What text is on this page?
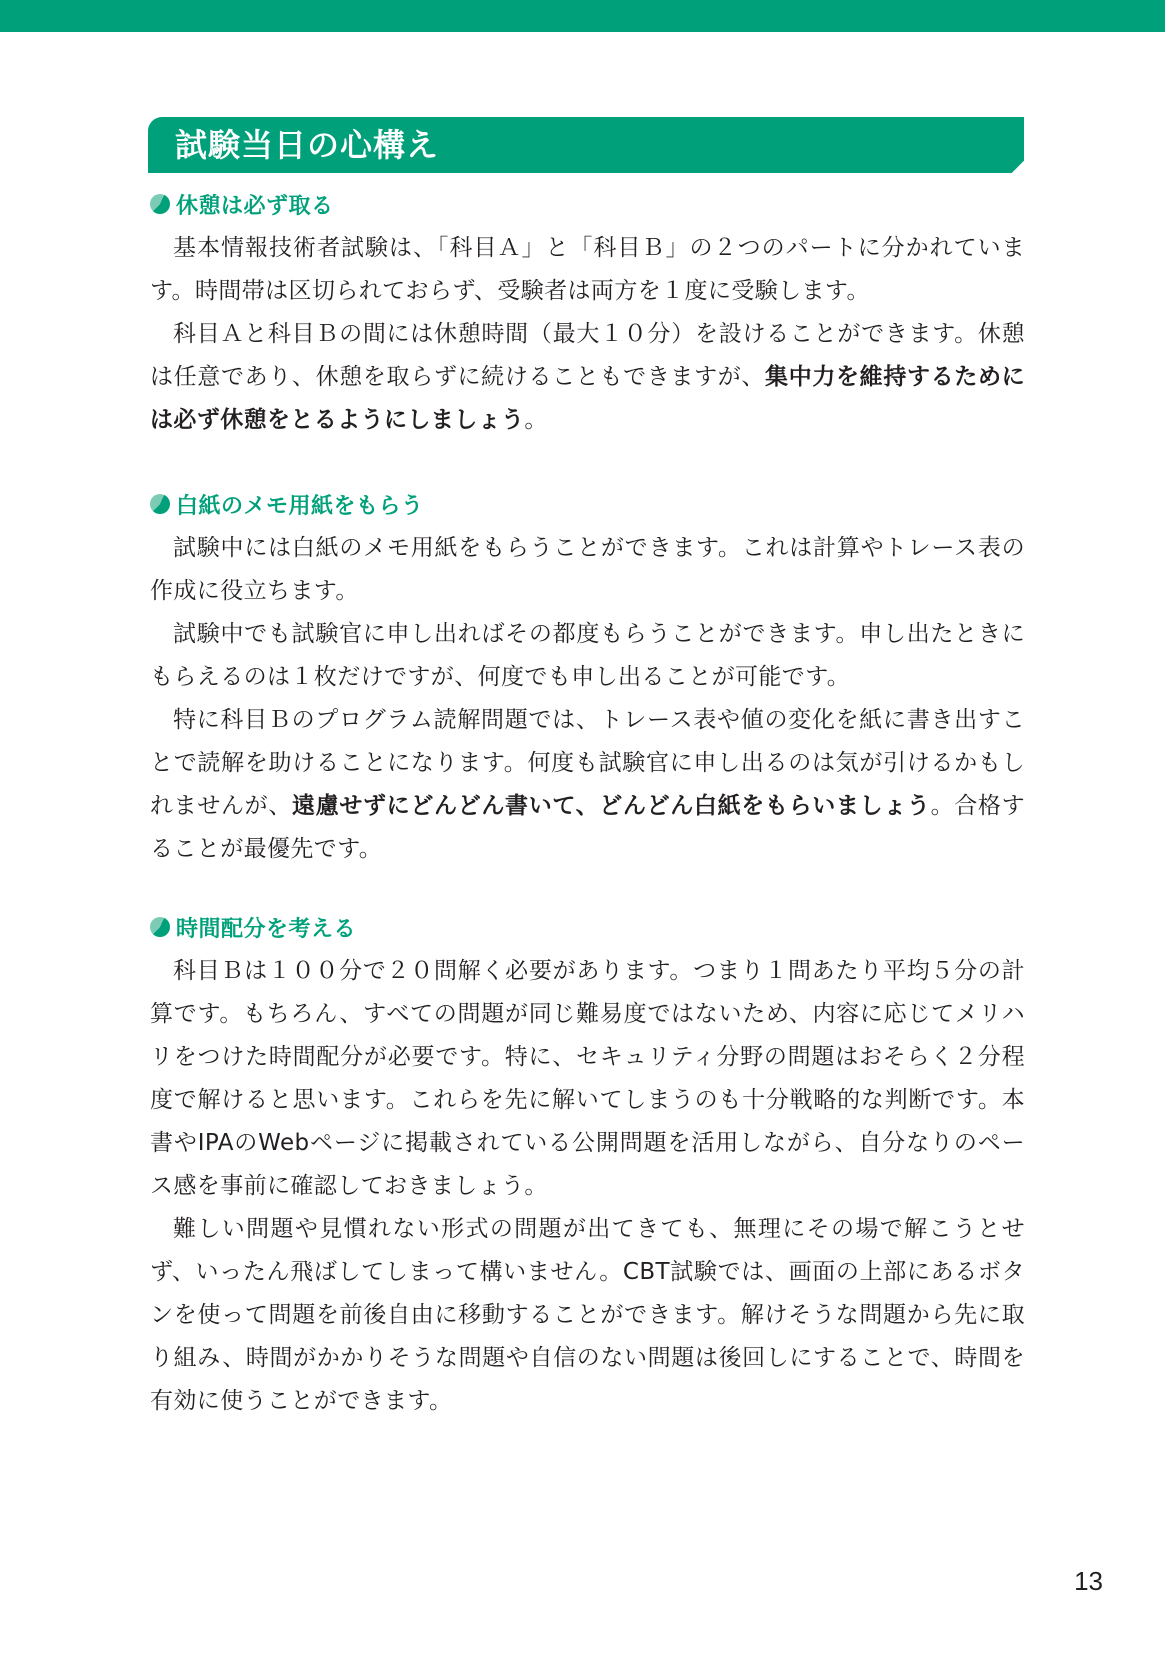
試験当日の心構え
休憩は必ず取る
基本情報技術者試験は、「科目Ａ」と「科目Ｂ」の２つのパートに分かれています。時間帯は区切られておらず、受験者は両方を１度に受験します。
科目Ａと科目Ｂの間には休憩時間（最大１０分）を設けることができます。休憩は任意であり、休憩を取らずに続けることもできますが、集中力を維持するためには必ず休憩をとるようにしましょう。
白紙のメモ用紙をもらう
試験中には白紙のメモ用紙をもらうことができます。これは計算やトレース表の作成に役立ちます。
試験中でも試験官に申し出ればその都度もらうことができます。申し出たときにもらえるのは１枚だけですが、何度でも申し出ることが可能です。
特に科目Ｂのプログラム読解問題では、トレース表や値の変化を紙に書き出すことで読解を助けることになります。何度も試験官に申し出るのは気が引けるかもしれませんが、遠慮せずにどんどん書いて、どんどん白紙をもらいましょう。合格することが最優先です。
時間配分を考える
科目Ｂは１００分で２０問解く必要があります。つまり１問あたり平均５分の計算です。もちろん、すべての問題が同じ難易度ではないため、内容に応じてメリハリをつけた時間配分が必要です。特に、セキュリティ分野の問題はおそらく２分程度で解けると思います。これらを先に解いてしまうのも十分戦略的な判断です。本書やIPAのWebページに掲載されている公開問題を活用しながら、自分なりのペース感を事前に確認しておきましょう。
難しい問題や見慣れない形式の問題が出てきても、無理にその場で解こうとせず、いったん飛ばしてしまって構いません。CBT試験では、画面の上部にあるボタンを使って問題を前後自由に移動することができます。解けそうな問題から先に取り組み、時間がかかりそうな問題や自信のない問題は後回しにすることで、時間を有効に使うことができます。
13
